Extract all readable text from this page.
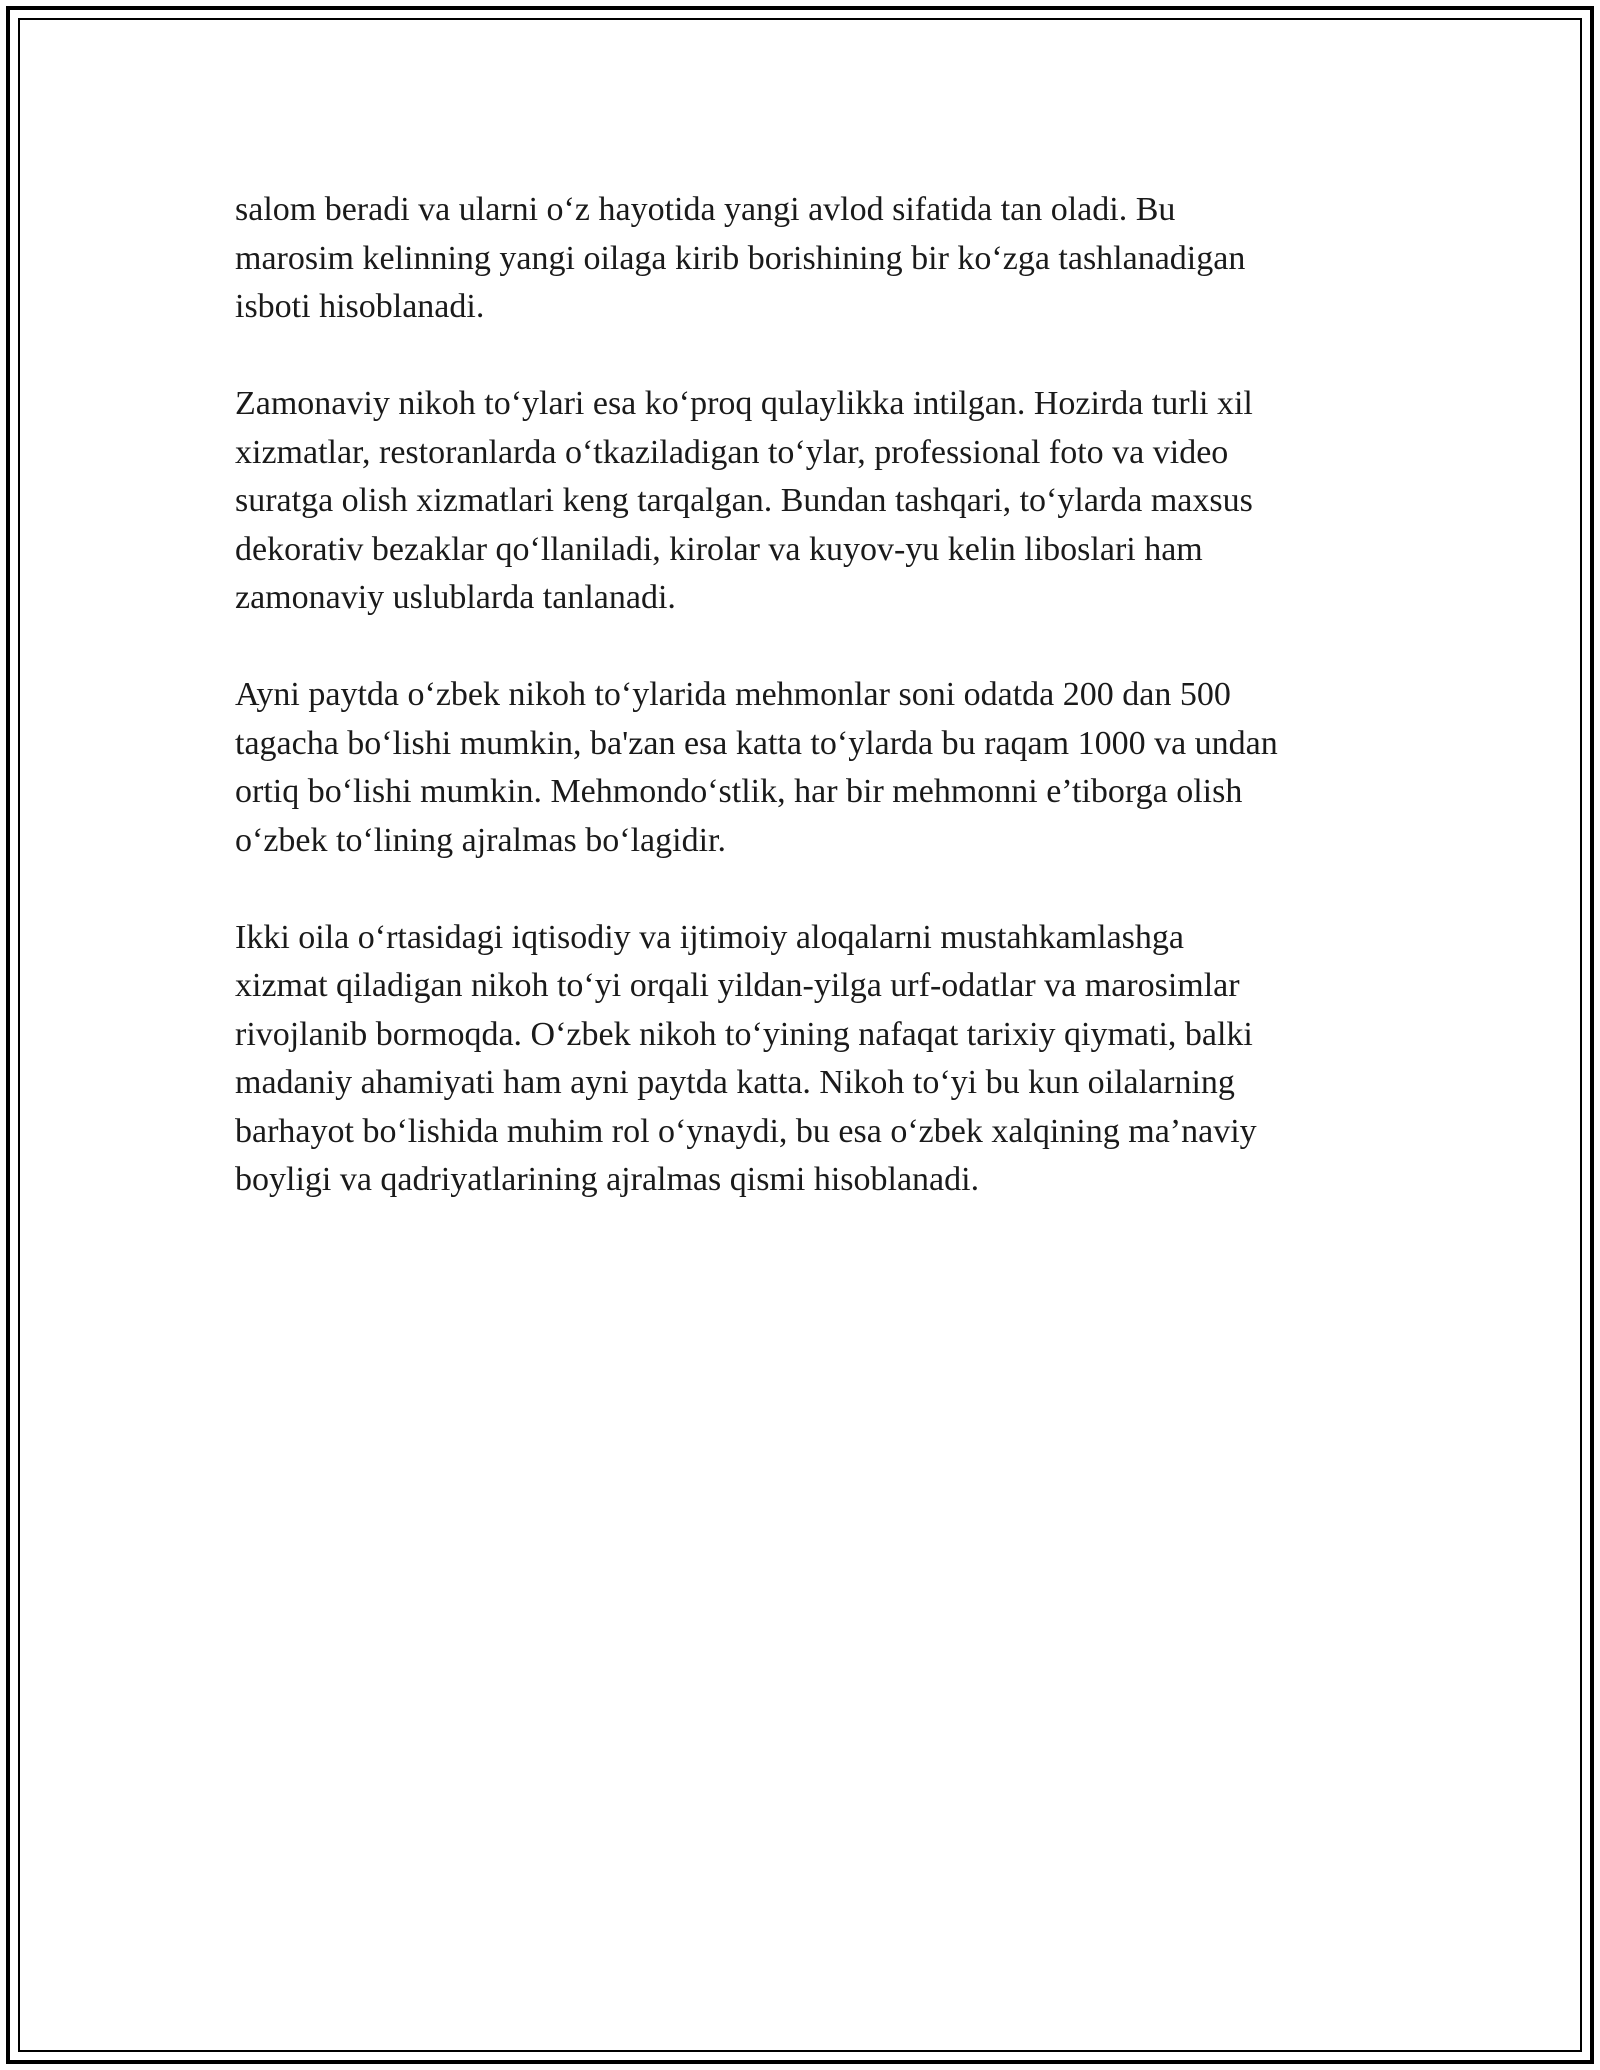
salom beradi va ularni o‘z hayotida yangi avlod sifatida tan oladi. Bu
marosim kelinning yangi oilaga kirib borishining bir ko‘zga tashlanadigan
isboti hisoblanadi.

Zamonaviy nikoh to‘ylari esa ko‘proq qulaylikka intilgan. Hozirda turli xil
xizmatlar, restoranlarda o‘tkaziladigan to‘ylar, professional foto va video
suratga olish xizmatlari keng tarqalgan. Bundan tashqari, to‘ylarda maxsus
dekorativ bezaklar qo‘llaniladi, kirolar va kuyov-yu kelin liboslari ham
zamonaviy uslublarda tanlanadi.

Ayni paytda o‘zbek nikoh to‘ylarida mehmonlar soni odatda 200 dan 500
tagacha bo‘lishi mumkin, ba'zan esa katta to‘ylarda bu raqam 1000 va undan
ortiq bo‘lishi mumkin. Mehmondo‘stlik, har bir mehmonni e’tiborga olish
o‘zbek to‘lining ajralmas bo‘lagidir.

Ikki oila o‘rtasidagi iqtisodiy va ijtimoiy aloqalarni mustahkamlashga
xizmat qiladigan nikoh to‘yi orqali yildan-yilga urf-odatlar va marosimlar
rivojlanib bormoqda. O‘zbek nikoh to‘yining nafaqat tarixiy qiymati, balki
madaniy ahamiyati ham ayni paytda katta. Nikoh to‘yi bu kun oilalarning
barhayot bo‘lishida muhim rol o‘ynaydi, bu esa o‘zbek xalqining ma’naviy
boyligi va qadriyatlarining ajralmas qismi hisoblanadi.
